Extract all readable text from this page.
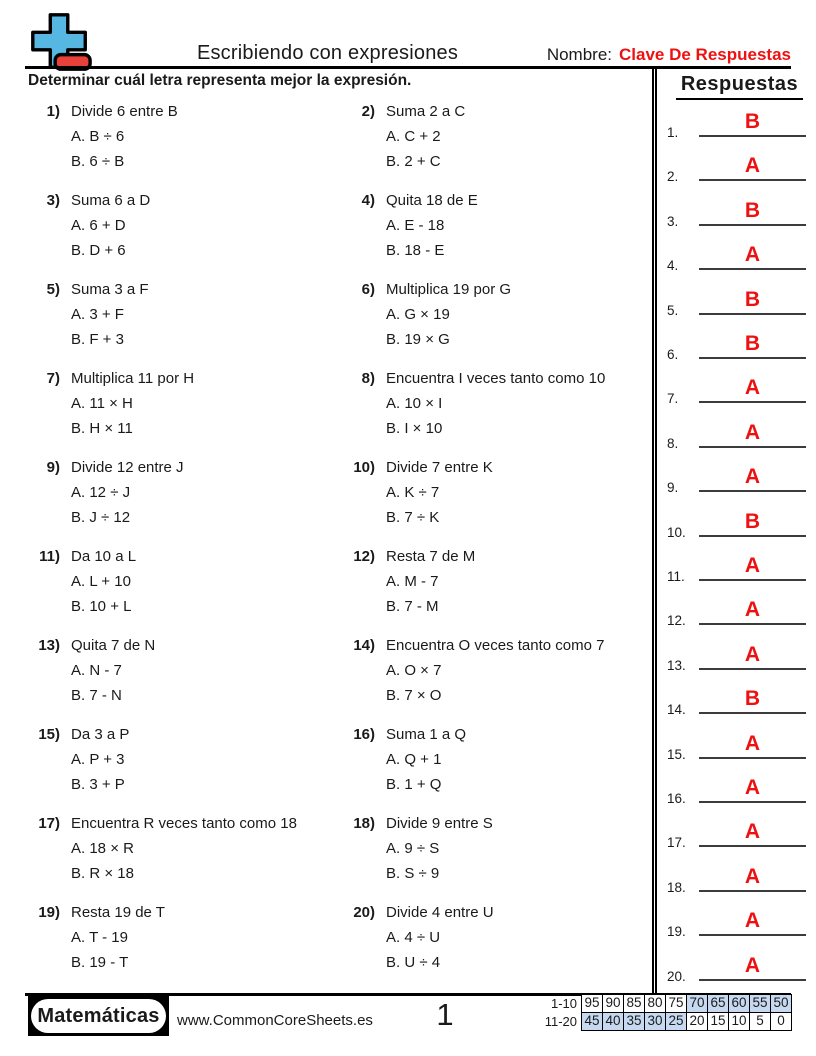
Escribiendo con expresiones	Nombre: Clave De Respuestas
Determinar cuál letra representa mejor la expresión.
1) Divide 6 entre B
A. B ÷ 6
B. 6 ÷ B
2) Suma 2 a C
A. C + 2
B. 2 + C
3) Suma 6 a D
A. 6 + D
B. D + 6
4) Quita 18 de E
A. E - 18
B. 18 - E
5) Suma 3 a F
A. 3 + F
B. F + 3
6) Multiplica 19 por G
A. G × 19
B. 19 × G
7) Multiplica 11 por H
A. 11 × H
B. H × 11
8) Encuentra I veces tanto como 10
A. 10 × I
B. I × 10
9) Divide 12 entre J
A. 12 ÷ J
B. J ÷ 12
10) Divide 7 entre K
A. K ÷ 7
B. 7 ÷ K
11) Da 10 a L
A. L + 10
B. 10 + L
12) Resta 7 de M
A. M - 7
B. 7 - M
13) Quita 7 de N
A. N - 7
B. 7 - N
14) Encuentra O veces tanto como 7
A. O × 7
B. 7 × O
15) Da 3 a P
A. P + 3
B. 3 + P
16) Suma 1 a Q
A. Q + 1
B. 1 + Q
17) Encuentra R veces tanto como 18
A. 18 × R
B. R × 18
18) Divide 9 entre S
A. 9 ÷ S
B. S ÷ 9
19) Resta 19 de T
A. T - 19
B. 19 - T
20) Divide 4 entre U
A. 4 ÷ U
B. U ÷ 4
Respuestas
1.	B
2.	A
3.	B
4.	A
5.	B
6.	B
7.	A
8.	A
9.	A
10.	B
11.	A
12.	A
13.	A
14.	B
15.	A
16.	A
17.	A
18.	A
19.	A
20.	A
Matemáticas www.CommonCoreSheets.es	1	1-10 95 90 85 80 75 70 65 60 55 50
11-20 45 40 35 30 25 20 15 10 5 0
